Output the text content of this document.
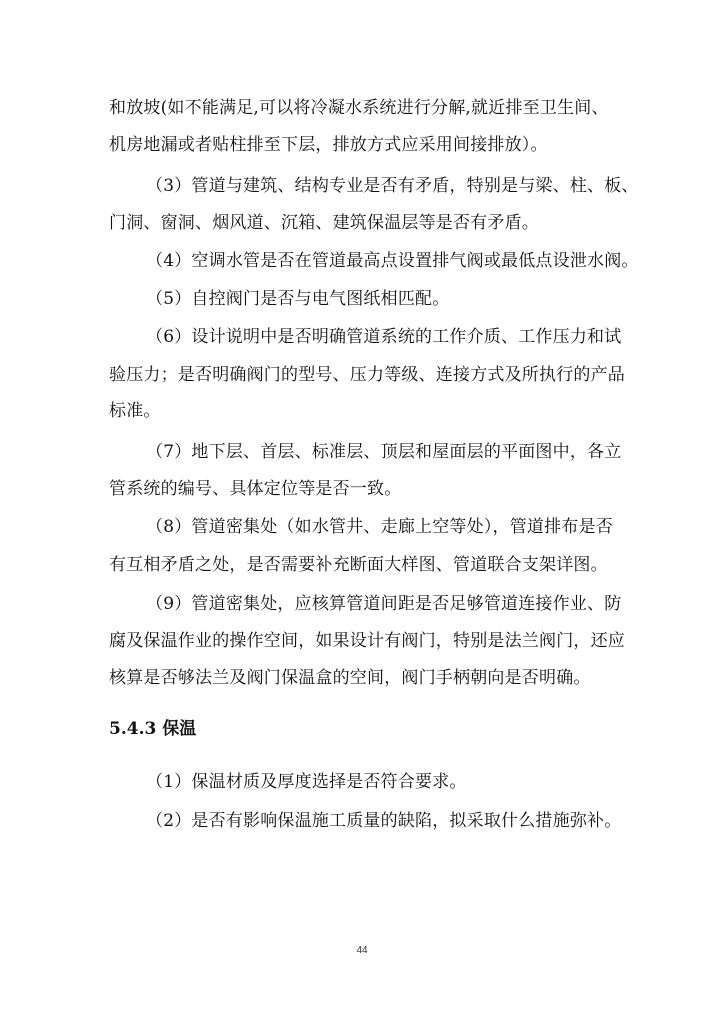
和放坡(如不能满足,可以将冷凝水系统进行分解,就近排至卫生间、
机房地漏或者贴柱排至下层，排放方式应采用间接排放）。
（3）管道与建筑、结构专业是否有矛盾，特别是与梁、柱、板、
门洞、窗洞、烟风道、沉箱、建筑保温层等是否有矛盾。
（4）空调水管是否在管道最高点设置排气阀或最低点设泄水阀。
（5）自控阀门是否与电气图纸相匹配。
（6）设计说明中是否明确管道系统的工作介质、工作压力和试
验压力；是否明确阀门的型号、压力等级、连接方式及所执行的产品
标准。
（7）地下层、首层、标准层、顶层和屋面层的平面图中，各立
管系统的编号、具体定位等是否一致。
（8）管道密集处（如水管井、走廊上空等处），管道排布是否
有互相矛盾之处，是否需要补充断面大样图、管道联合支架详图。
（9）管道密集处，应核算管道间距是否足够管道连接作业、防
腐及保温作业的操作空间，如果设计有阀门，特别是法兰阀门，还应
核算是否够法兰及阀门保温盒的空间，阀门手柄朝向是否明确。
5.4.3 保温
（1）保温材质及厚度选择是否符合要求。
（2）是否有影响保温施工质量的缺陷，拟采取什么措施弥补。
44
